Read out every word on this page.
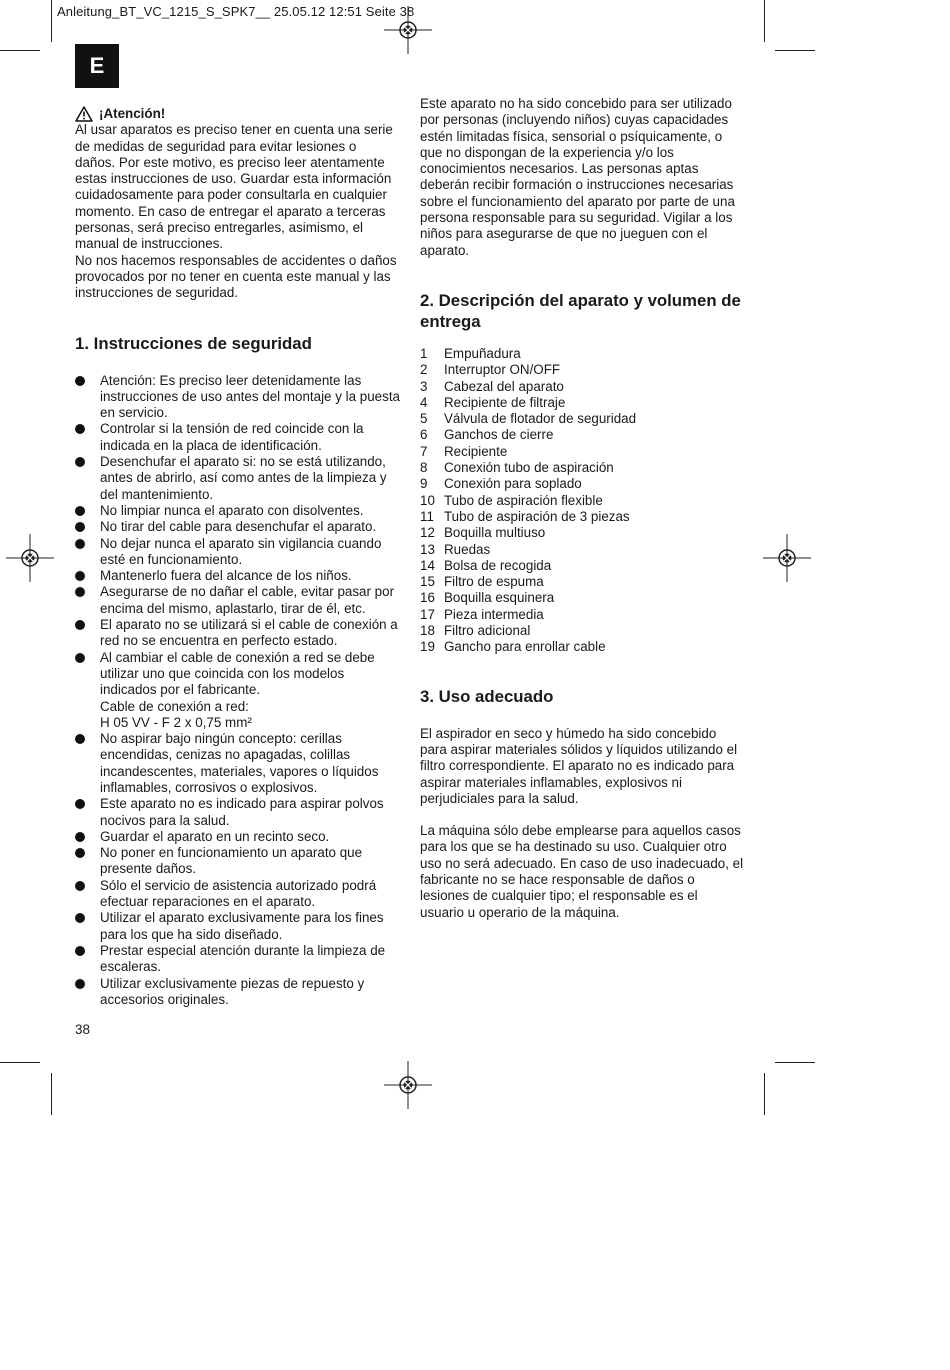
Anleitung_BT_VC_1215_S_SPK7__ 25.05.12 12:51 Seite 38
E
¡Atención!

Al usar aparatos es preciso tener en cuenta una serie de medidas de seguridad para evitar lesiones o daños. Por este motivo, es preciso leer atentamente estas instrucciones de uso. Guardar esta información cuidadosamente para poder consultarla en cualquier momento. En caso de entregar el aparato a terceras personas, será preciso entregarles, asimismo, el manual de instrucciones.

No nos hacemos responsables de accidentes o daños provocados por no tener en cuenta este manual y las instrucciones de seguridad.

1. Instrucciones de seguridad
Atención: Es preciso leer detenidamente las instrucciones de uso antes del montaje y la puesta en servicio.
Controlar si la tensión de red coincide con la indicada en la placa de identificación.
Desenchufar el aparato si: no se está utilizando, antes de abrirlo, así como antes de la limpieza y del mantenimiento.
No limpiar nunca el aparato con disolventes.
No tirar del cable para desenchufar el aparato.
No dejar nunca el aparato sin vigilancia cuando esté en funcionamiento.
Mantenerlo fuera del alcance de los niños.
Asegurarse de no dañar el cable, evitar pasar por encima del mismo, aplastarlo, tirar de él, etc.
El aparato no se utilizará si el cable de conexión a red no se encuentra en perfecto estado.
Al cambiar el cable de conexión a red se debe utilizar uno que coincida con los modelos indicados por el fabricante.
Cable de conexión a red:
H 05 VV - F 2 x 0,75 mm²
No aspirar bajo ningún concepto: cerillas encendidas, cenizas no apagadas, colillas incandescentes, materiales, vapores o líquidos inflamables, corrosivos o explosivos.
Este aparato no es indicado para aspirar polvos nocivos para la salud.
Guardar el aparato en un recinto seco.
No poner en funcionamiento un aparato que presente daños.
Sólo el servicio de asistencia autorizado podrá efectuar reparaciones en el aparato.
Utilizar el aparato exclusivamente para los fines para los que ha sido diseñado.
Prestar especial atención durante la limpieza de escaleras.
Utilizar exclusivamente piezas de repuesto y accesorios originales.

Este aparato no ha sido concebido para ser utilizado por personas (incluyendo niños) cuyas capacidades estén limitadas física, sensorial o psíquicamente, o que no dispongan de la experiencia y/o los conocimientos necesarios. Las personas aptas deberán recibir formación o instrucciones necesarias sobre el funcionamiento del aparato por parte de una persona responsable para su seguridad. Vigilar a los niños para asegurarse de que no jueguen con el aparato.

2. Descripción del aparato y volumen de entrega
1	Empuñadura
2	Interruptor ON/OFF
3	Cabezal del aparato
4	Recipiente de filtraje
5	Válvula de flotador de seguridad
6	Ganchos de cierre
7	Recipiente
8	Conexión tubo de aspiración
9	Conexión para soplado
10 Tubo de aspiración flexible
11 Tubo de aspiración de 3 piezas
12 Boquilla multiuso
13 Ruedas
14 Bolsa de recogida
15 Filtro de espuma
16 Boquilla esquinera
17 Pieza intermedia
18 Filtro adicional
19 Gancho para enrollar cable
3. Uso adecuado

El aspirador en seco y húmedo ha sido concebido para aspirar materiales sólidos y líquidos utilizando el filtro correspondiente. El aparato no es indicado para aspirar materiales inflamables, explosivos ni perjudiciales para la salud.

La máquina sólo debe emplearse para aquellos casos para los que se ha destinado su uso. Cualquier otro uso no será adecuado. En caso de uso inadecuado, el fabricante no se hace responsable de daños o lesiones de cualquier tipo; el responsable es el usuario u operario de la máquina.

38
